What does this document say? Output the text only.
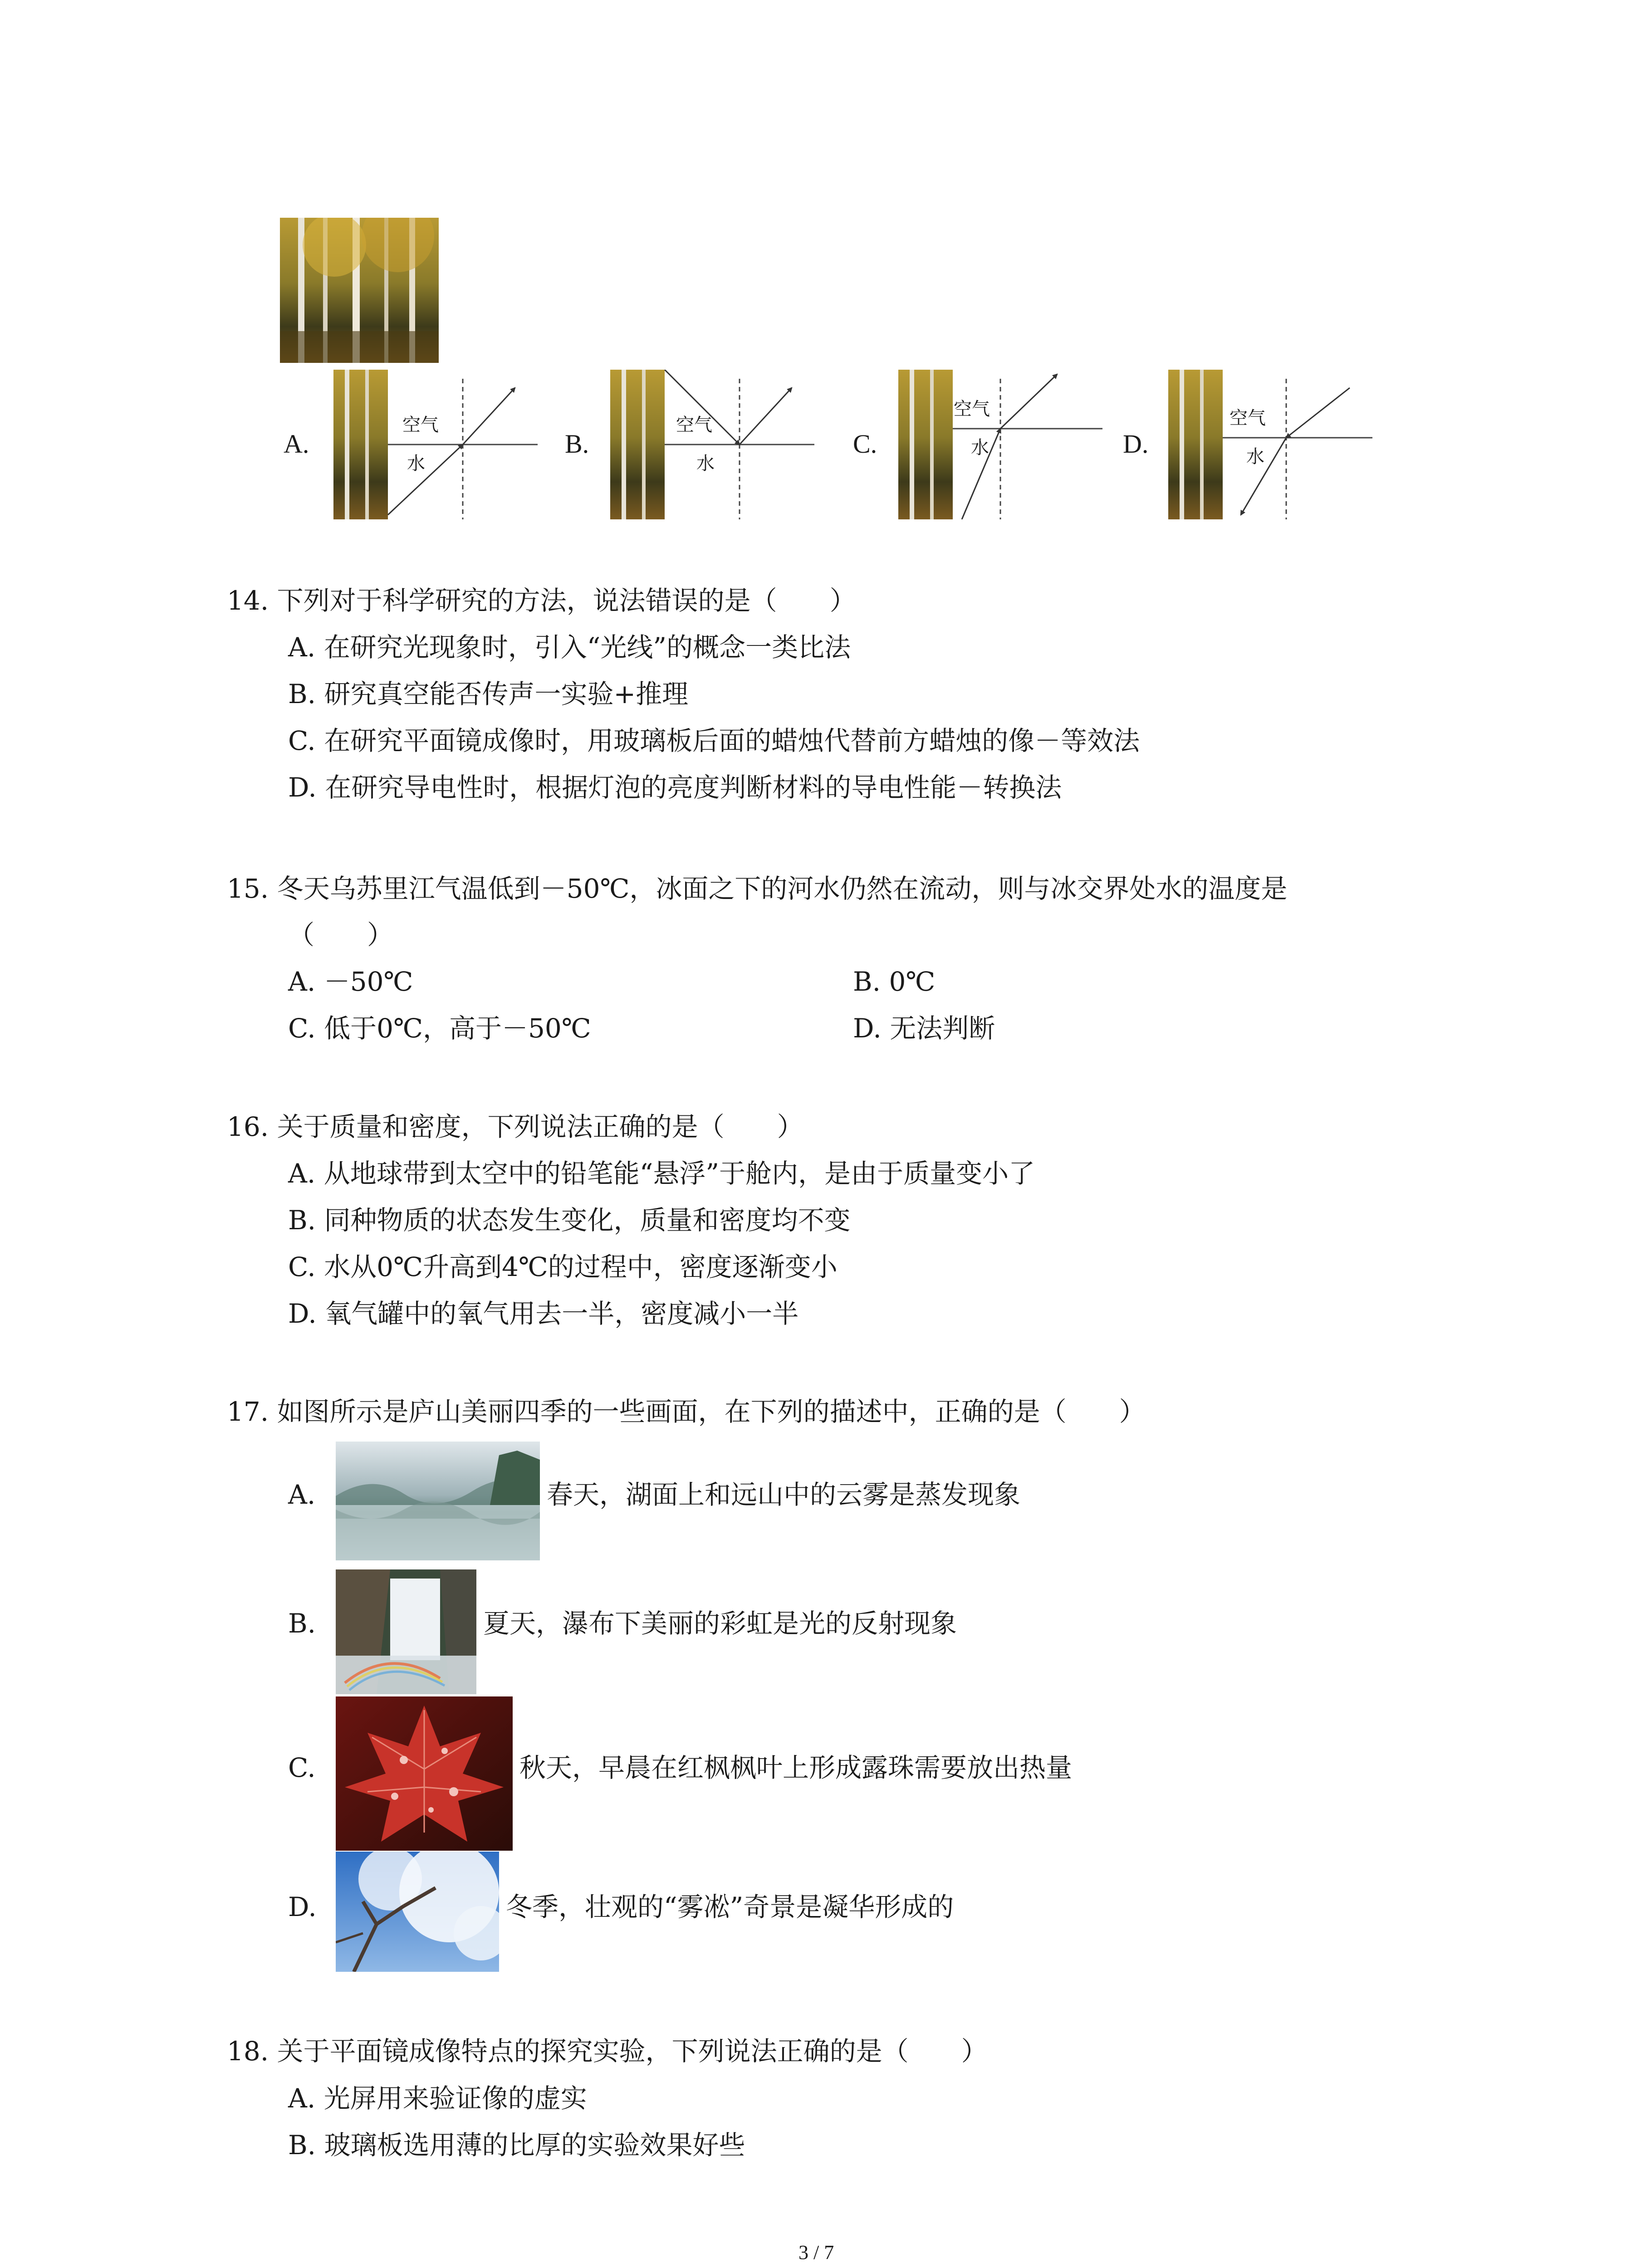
A.
空气
水
B.
空气
水
C.
空气
水	D.
空气
水
14. 下列对于科学研究的方法，说法错误的是（　　）
A. 在研究光现象时，引入“光线”的概念一类比法
B. 研究真空能否传声一实验+推理
C. 在研究平面镜成像时，用玻璃板后面的蜡烛代替前方蜡烛的像－等效法
D. 在研究导电性时，根据灯泡的亮度判断材料的导电性能－转换法
15. 冬天乌苏里江气温低到－50℃，冰面之下的河水仍然在流动，则与冰交界处水的温度是
（　　）
A. －50℃	B. 0℃
C. 低于0℃，高于－50℃	D. 无法判断
16. 关于质量和密度，下列说法正确的是（　　）
A. 从地球带到太空中的铅笔能“悬浮”于舱内，是由于质量变小了
B. 同种物质的状态发生变化，质量和密度均不变
C. 水从0℃升高到4℃的过程中，密度逐渐变小
D. 氧气罐中的氧气用去一半，密度减小一半
17. 如图所示是庐山美丽四季的一些画面，在下列的描述中，正确的是（　　）
A.	春天，湖面上和远山中的云雾是蒸发现象
B.	夏天，瀑布下美丽的彩虹是光的反射现象
C.	秋天，早晨在红枫枫叶上形成露珠需要放出热量
D.	冬季，壮观的“雾凇”奇景是凝华形成的
18. 关于平面镜成像特点的探究实验，下列说法正确的是（　　）
A. 光屏用来验证像的虚实
B. 玻璃板选用薄的比厚的实验效果好些
3 / 7
